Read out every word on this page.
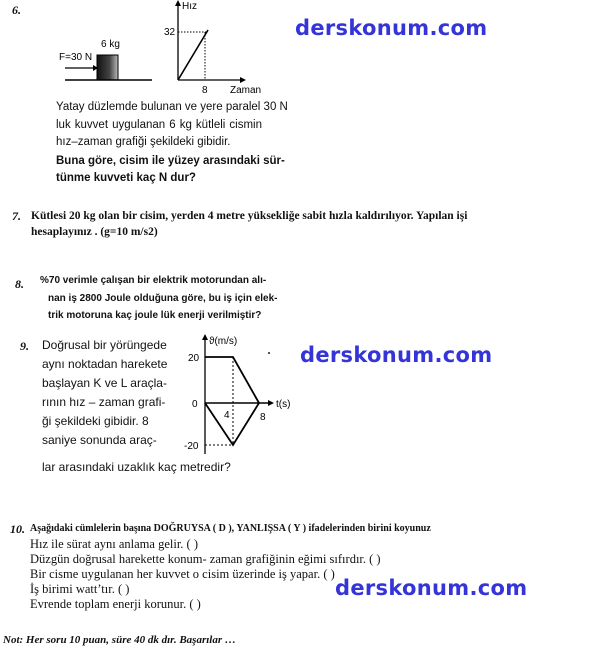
6.
F=30 N
6 kg
Hız
32
8 Zaman
Yatay düzlemde bulunan ve yere paralel 30 N
luk kuvvet uygulanan 6 kg kütleli cismin
hız–zaman grafiği şekildeki gibidir.
Buna göre, cisim ile yüzey arasındaki sür-
tünme kuvveti kaç N dur?
derskonum.com
7. Kütlesi 20 kg olan bir cisim, yerden 4 metre yüksekliğe sabit hızla kaldırılıyor. Yapılan işi
hesaplayınız . (g=10 m/s2)
8. %70 verimle çalışan bir elektrik motorundan alı-
nan iş 2800 Joule olduğuna göre, bu iş için elek-
trik motoruna kaç joule lük enerji verilmiştir?
9. Doğrusal bir yörüngede
aynı noktadan harekete
başlayan K ve L araçla-
rının hız – zaman grafi-
ği şekildeki gibidir. 8
saniye sonunda araç-
lar arasındaki uzaklık kaç metredir?
ϑ(m/s)
t(s)
20
0
-20
4	8
derskonum.com
10. Aşağıdaki cümlelerin başına DOĞRUYSA ( D ), YANLIŞSA ( Y ) ifadelerinden birini koyunuz
Hız ile sürat aynı anlama gelir. ( )
Düzgün doğrusal harekette konum- zaman grafiğinin eğimi sıfırdır. ( )
Bir cisme uygulanan her kuvvet o cisim üzerinde iş yapar. ( )
İş birimi watt’tır. ( )
Evrende toplam enerji korunur. ( )
derskonum.com
Not: Her soru 10 puan, süre 40 dk dır. Başarılar …
